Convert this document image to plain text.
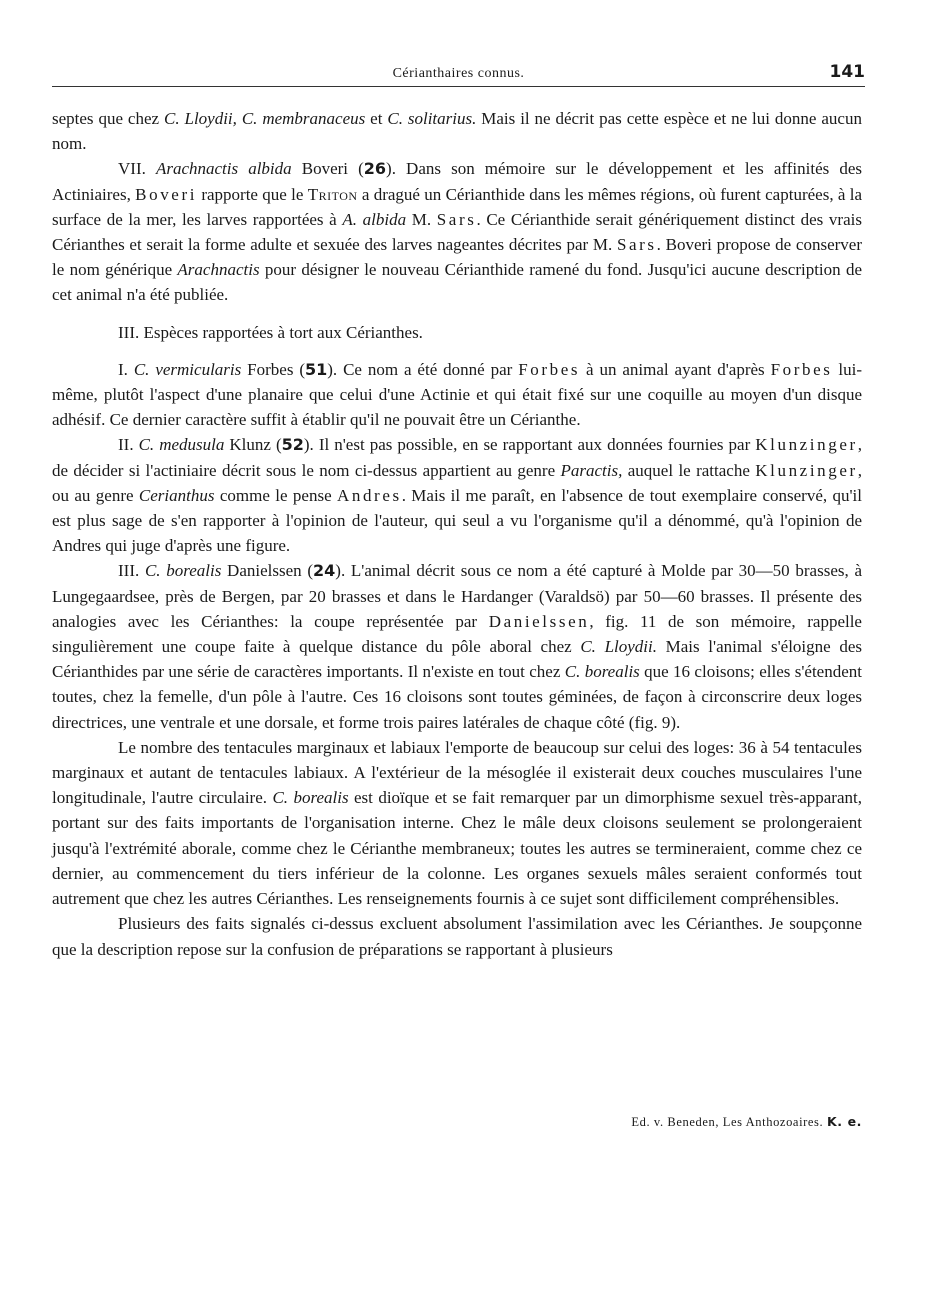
Cérianthaires connus.	141

septes que chez C. Lloydii, C. membranaceus et C. solitarius. Mais il ne décrit pas cette espèce et ne lui donne aucun nom.

VII. Arachnactis albida Boveri (26). Dans son mémoire sur le développement et les affinités des Actiniaires, Boveri rapporte que le Triton a dragué un Cérianthide dans les mêmes régions, où furent capturées, à la surface de la mer, les larves rapportées à A. albida M. Sars. Ce Cérianthide serait génériquement distinct des vrais Cérianthes et serait la forme adulte et sexuée des larves nageantes décrites par M. Sars. Boveri propose de conserver le nom générique Arachnactis pour désigner le nouveau Cérianthide ramené du fond. Jusqu'ici aucune description de cet animal n'a été publiée.

III. Espèces rapportées à tort aux Cérianthes.

I. C. vermicularis Forbes (51). Ce nom a été donné par Forbes à un animal ayant d'après Forbes lui-même, plutôt l'aspect d'une planaire que celui d'une Actinie et qui était fixé sur une coquille au moyen d'un disque adhésif. Ce dernier caractère suffit à établir qu'il ne pouvait être un Cérianthe.

II. C. medusula Klunz (52). Il n'est pas possible, en se rapportant aux données fournies par Klunzinger, de décider si l'actiniaire décrit sous le nom ci-dessus appartient au genre Paractis, auquel le rattache Klunzinger, ou au genre Cerianthus comme le pense Andres. Mais il me paraît, en l'absence de tout exemplaire conservé, qu'il est plus sage de s'en rapporter à l'opinion de l'auteur, qui seul a vu l'organisme qu'il a dénommé, qu'à l'opinion de Andres qui juge d'après une figure.

III. C. borealis Danielssen (24). L'animal décrit sous ce nom a été capturé à Molde par 30—50 brasses, à Lungegaardsee, près de Bergen, par 20 brasses et dans le Hardanger (Varaldsö) par 50—60 brasses. Il présente des analogies avec les Cérianthes: la coupe représentée par Danielssen, fig. 11 de son mémoire, rappelle singulièrement une coupe faite à quelque distance du pôle aboral chez C. Lloydii. Mais l'animal s'éloigne des Cérianthides par une série de caractères importants. Il n'existe en tout chez C. borealis que 16 cloisons; elles s'étendent toutes, chez la femelle, d'un pôle à l'autre. Ces 16 cloisons sont toutes géminées, de façon à circonscrire deux loges directrices, une ventrale et une dorsale, et forme trois paires latérales de chaque côté (fig. 9).

Le nombre des tentacules marginaux et labiaux l'emporte de beaucoup sur celui des loges: 36 à 54 tentacules marginaux et autant de tentacules labiaux. A l'extérieur de la mésoglée il existerait deux couches musculaires l'une longitudinale, l'autre circulaire. C. borealis est dioïque et se fait remarquer par un dimorphisme sexuel très-apparant, portant sur des faits importants de l'organisation interne. Chez le mâle deux cloisons seulement se prolongeraient jusqu'à l'extrémité aborale, comme chez le Cérianthe membraneux; toutes les autres se termineraient, comme chez ce dernier, au commencement du tiers inférieur de la colonne. Les organes sexuels mâles seraient conformés tout autrement que chez les autres Cérianthes. Les renseignements fournis à ce sujet sont difficilement compréhensibles.

Plusieurs des faits signalés ci-dessus excluent absolument l'assimilation avec les Cérianthes. Je soupçonne que la description repose sur la confusion de préparations se rapportant à plusieurs

Ed. v. Beneden, Les Anthozoaires. K. e.
